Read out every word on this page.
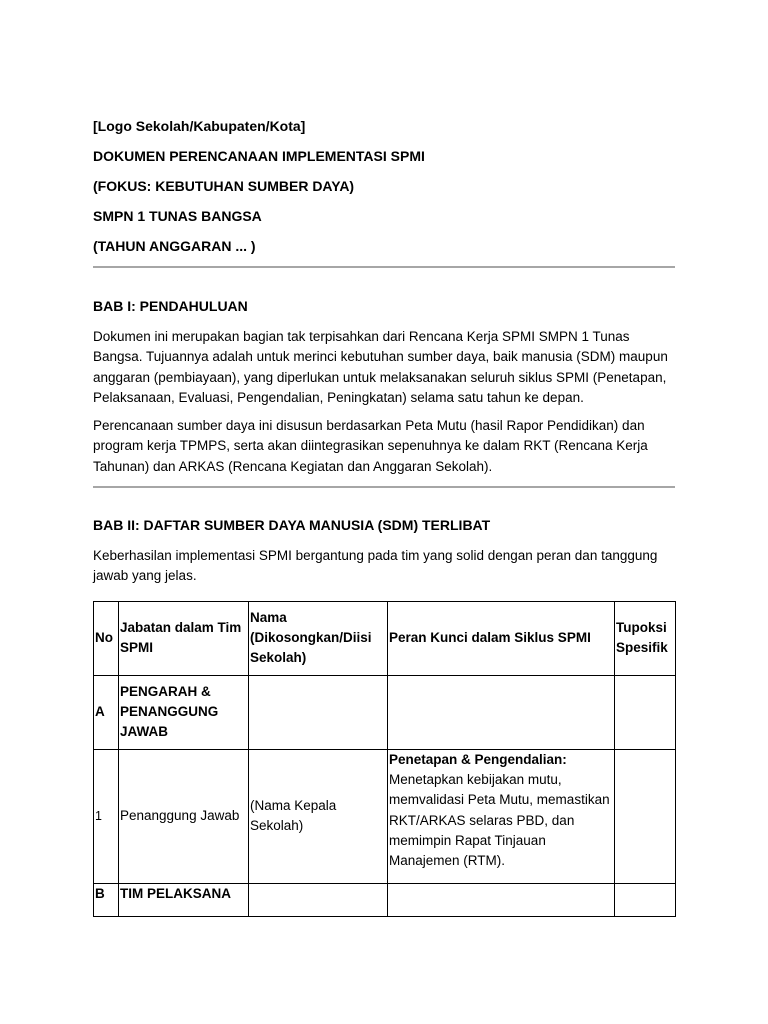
[Logo Sekolah/Kabupaten/Kota]
DOKUMEN PERENCANAAN IMPLEMENTASI SPMI
(FOKUS: KEBUTUHAN SUMBER DAYA)
SMPN 1 TUNAS BANGSA
(TAHUN ANGGARAN ... )
BAB I: PENDAHULUAN

Dokumen ini merupakan bagian tak terpisahkan dari Rencana Kerja SPMI SMPN 1 Tunas Bangsa. Tujuannya adalah untuk merinci kebutuhan sumber daya, baik manusia (SDM) maupun anggaran (pembiayaan), yang diperlukan untuk melaksanakan seluruh siklus SPMI (Penetapan, Pelaksanaan, Evaluasi, Pengendalian, Peningkatan) selama satu tahun ke depan.

Perencanaan sumber daya ini disusun berdasarkan Peta Mutu (hasil Rapor Pendidikan) dan program kerja TPMPS, serta akan diintegrasikan sepenuhnya ke dalam RKT (Rencana Kerja Tahunan) dan ARKAS (Rencana Kegiatan dan Anggaran Sekolah).

BAB II: DAFTAR SUMBER DAYA MANUSIA (SDM) TERLIBAT

Keberhasilan implementasi SPMI bergantung pada tim yang solid dengan peran dan tanggung jawab yang jelas.

No	Jabatan dalam Tim SPMI	Nama (Dikosongkan/Diisi Sekolah)	Peran Kunci dalam Siklus SPMI	Tupoksi Spesifik
A	PENGARAH & PENANGGUNG JAWAB		

1	Penanggung Jawab	(Nama Kepala Sekolah)	Penetapan & Pengendalian:
Menetapkan kebijakan mutu, memvalidasi Peta Mutu, memastikan RKT/ARKAS selaras PBD, dan memimpin Rapat Tinjauan Manajemen (RTM).	
B	TIM PELAKSANA		
